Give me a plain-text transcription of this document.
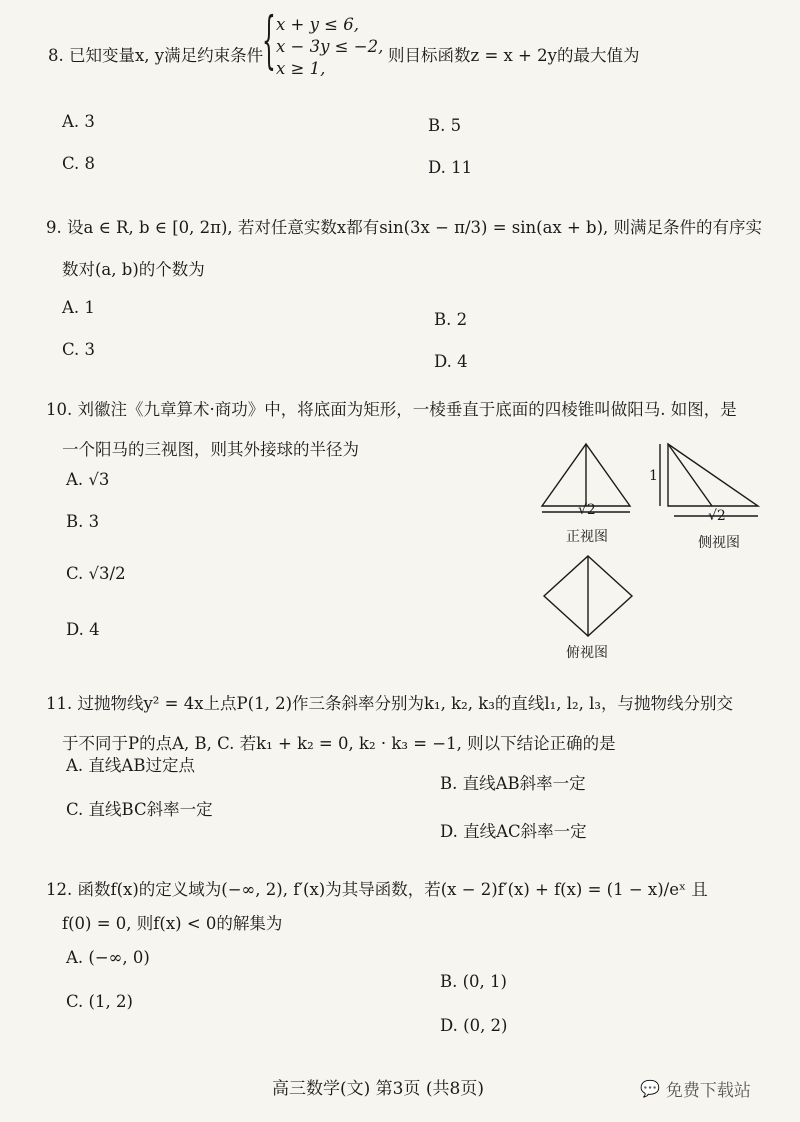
8. 已知变量x, y满足约束条件
{ x + y ≤ 6,
x − 3y ≤ −2,
x ≥ 1,
则目标函数z = x + 2y的最大值为
A. 3	B. 5
C. 8	D. 11
9. 设a ∈ R, b ∈ [0, 2π), 若对任意实数x都有sin(3x − π/3) = sin(ax + b), 则满足条件的有序实
数对(a, b)的个数为
A. 1
B. 2
C. 3
D. 4
10. 刘徽注《九章算术·商功》中，将底面为矩形，一棱垂直于底面的四棱锥叫做阳马. 如图，是
一个阳马的三视图，则其外接球的半径为
A. √3
B. 3
C. √3/2
D. 4
√2
正视图
1
√2
侧视图
俯视图
11. 过抛物线y² = 4x上点P(1, 2)作三条斜率分别为k₁, k₂, k₃的直线l₁, l₂, l₃，与抛物线分别交
于不同于P的点A, B, C. 若k₁ + k₂ = 0, k₂ · k₃ = −1, 则以下结论正确的是
A. 直线AB过定点
B. 直线AB斜率一定
C. 直线BC斜率一定
D. 直线AC斜率一定
12. 函数f(x)的定义域为(−∞, 2), f′(x)为其导函数，若(x − 2)f′(x) + f(x) = (1 − x)/eˣ 且
f(0) = 0, 则f(x) < 0的解集为
A. (−∞, 0)
B. (0, 1)
C. (1, 2)
D. (0, 2)
高三数学(文) 第3页 (共8页)	💬 免费下载站
